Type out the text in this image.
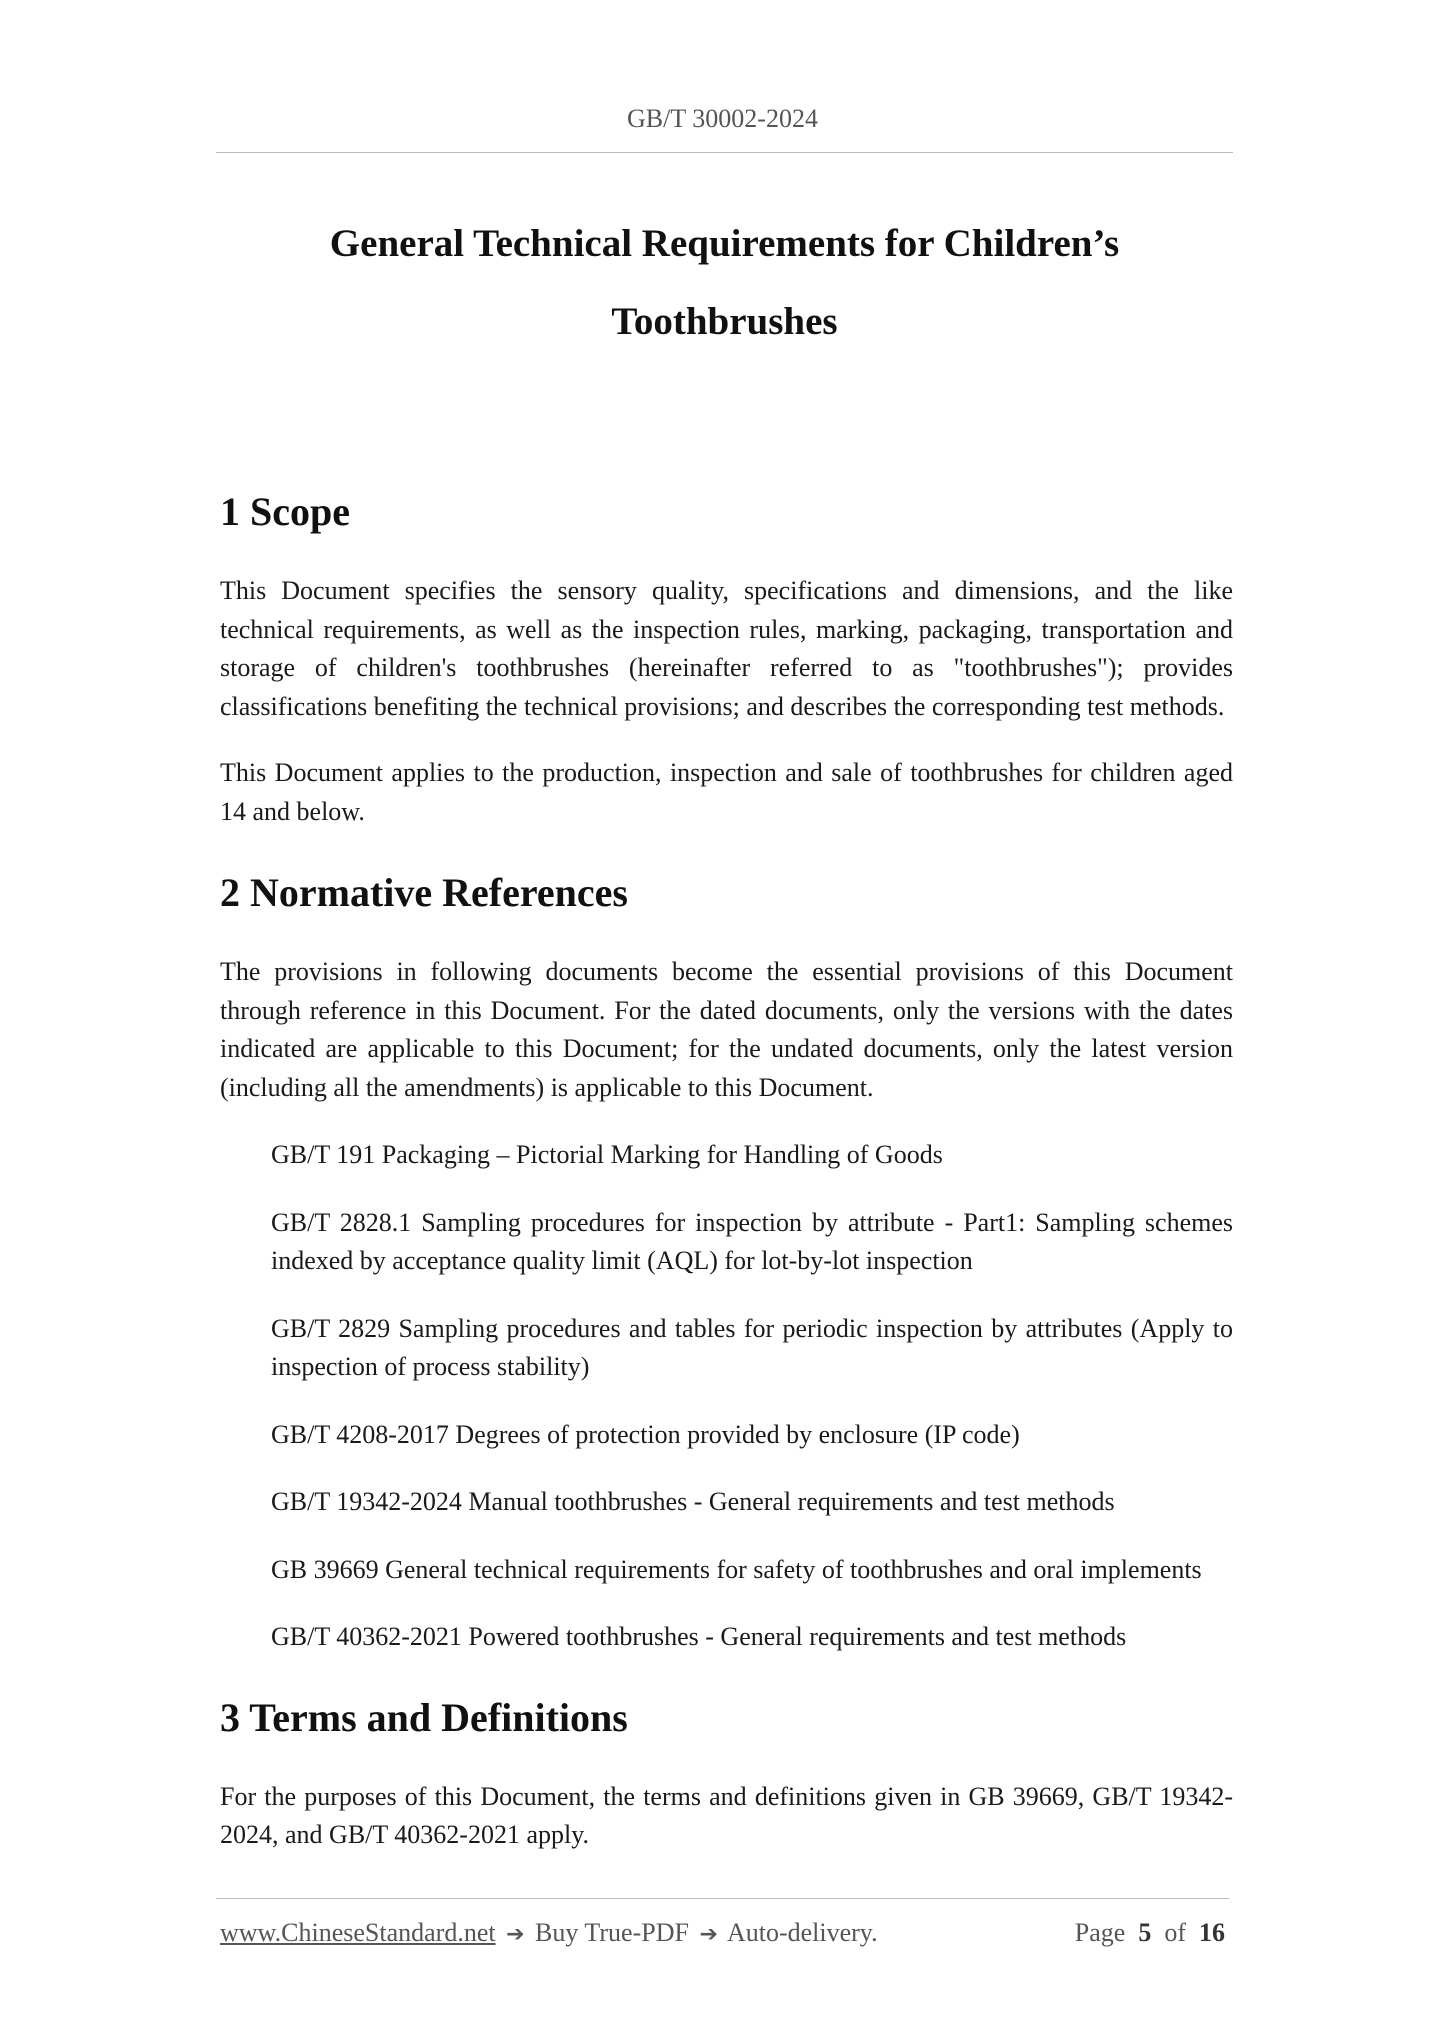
GB/T 30002-2024
General Technical Requirements for Children’s
Toothbrushes
1 Scope

This Document specifies the sensory quality, specifications and dimensions, and the like technical requirements, as well as the inspection rules, marking, packaging, transportation and storage of children's toothbrushes (hereinafter referred to as "toothbrushes"); provides classifications benefiting the technical provisions; and describes the corresponding test methods.

This Document applies to the production, inspection and sale of toothbrushes for children aged 14 and below.

2 Normative References

The provisions in following documents become the essential provisions of this Document through reference in this Document. For the dated documents, only the versions with the dates indicated are applicable to this Document; for the undated documents, only the latest version (including all the amendments) is applicable to this Document.

GB/T 191 Packaging – Pictorial Marking for Handling of Goods

GB/T 2828.1 Sampling procedures for inspection by attribute - Part1: Sampling schemes indexed by acceptance quality limit (AQL) for lot-by-lot inspection

GB/T 2829 Sampling procedures and tables for periodic inspection by attributes (Apply to inspection of process stability)

GB/T 4208-2017 Degrees of protection provided by enclosure (IP code)

GB/T 19342-2024 Manual toothbrushes - General requirements and test methods

GB 39669 General technical requirements for safety of toothbrushes and oral implements

GB/T 40362-2021 Powered toothbrushes - General requirements and test methods

3 Terms and Definitions

For the purposes of this Document, the terms and definitions given in GB 39669, GB/T 19342-2024, and GB/T 40362-2021 apply.

www.ChineseStandard.net ➔ Buy True-PDF ➔ Auto-delivery.	Page 5 of 16
